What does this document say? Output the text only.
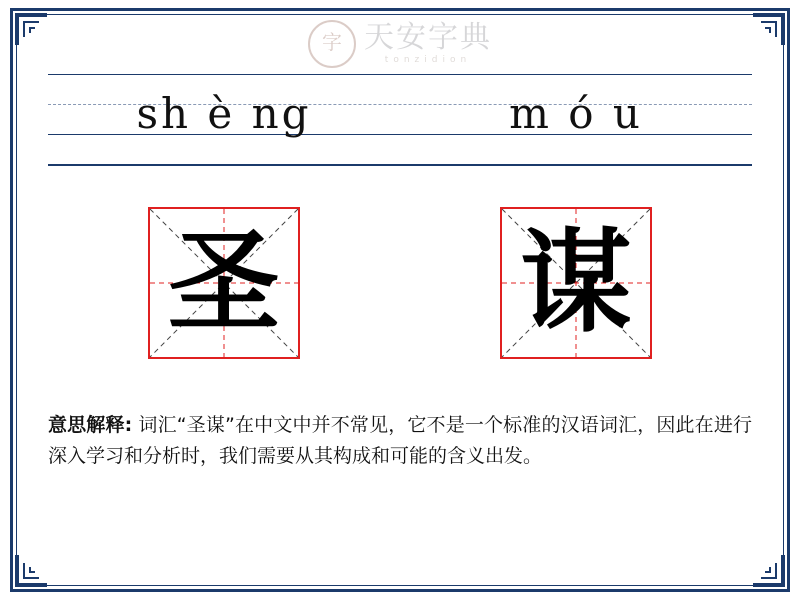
字 天安字典
tonzidion
sh è ng	m ó u
圣 谋
意思解释: 词汇“圣谋”在中文中并不常见，它不是一个标准的汉语词汇，因此在进行深入学习和分析时，我们需要从其构成和可能的含义出发。
